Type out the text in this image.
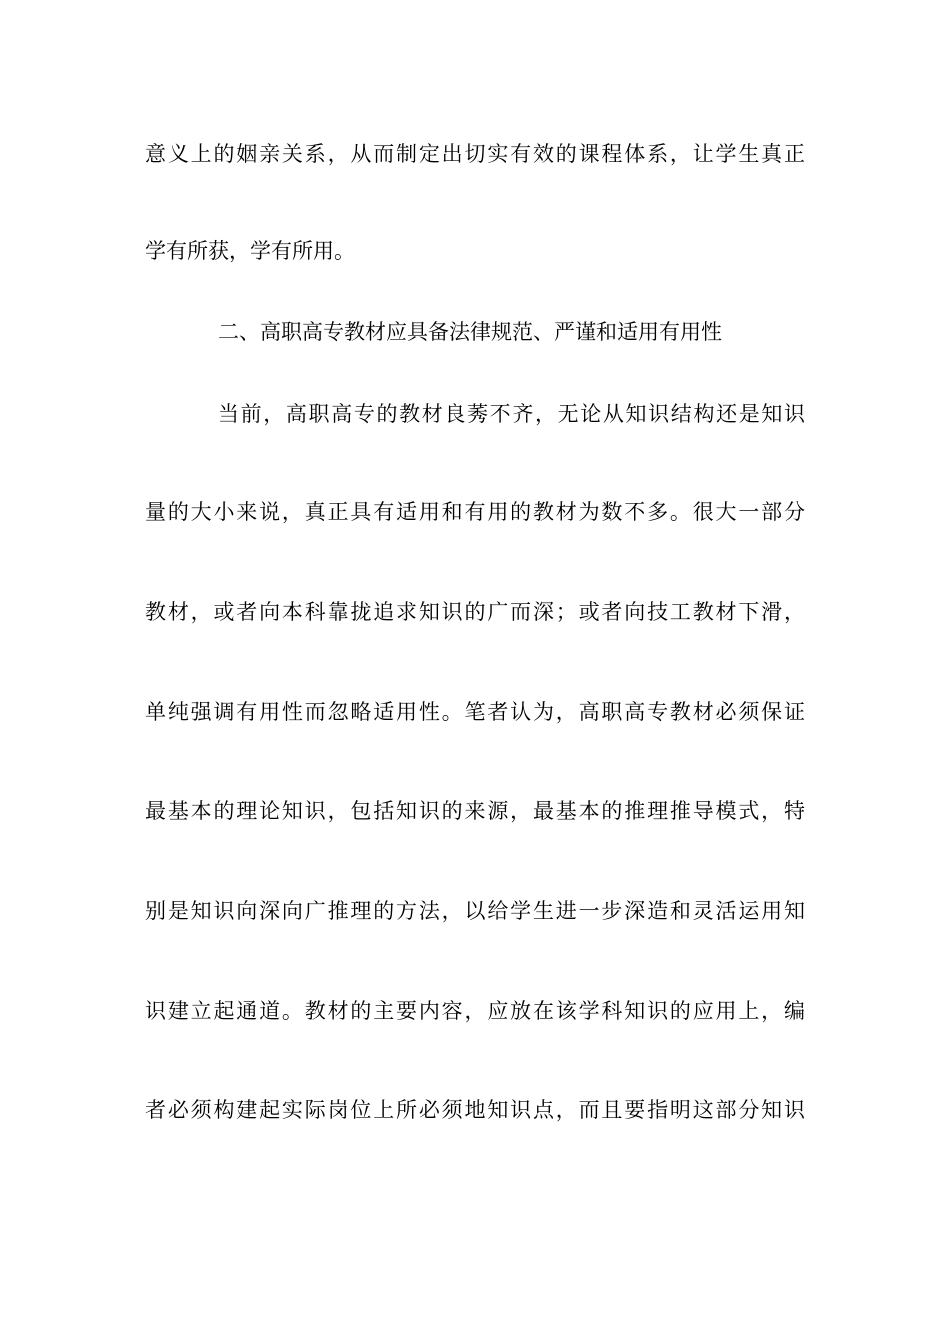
意义上的姻亲关系，从而制定出切实有效的课程体系，让学生真正
学有所获，学有所用。
二、高职高专教材应具备法律规范、严谨和适用有用性
当前，高职高专的教材良莠不齐，无论从知识结构还是知识
量的大小来说，真正具有适用和有用的教材为数不多。很大一部分
教材，或者向本科靠拢追求知识的广而深；或者向技工教材下滑，
单纯强调有用性而忽略适用性。笔者认为，高职高专教材必须保证
最基本的理论知识，包括知识的来源，最基本的推理推导模式，特
别是知识向深向广推理的方法，以给学生进一步深造和灵活运用知
识建立起通道。教材的主要内容，应放在该学科知识的应用上，编
者必须构建起实际岗位上所必须地知识点，而且要指明这部分知识
